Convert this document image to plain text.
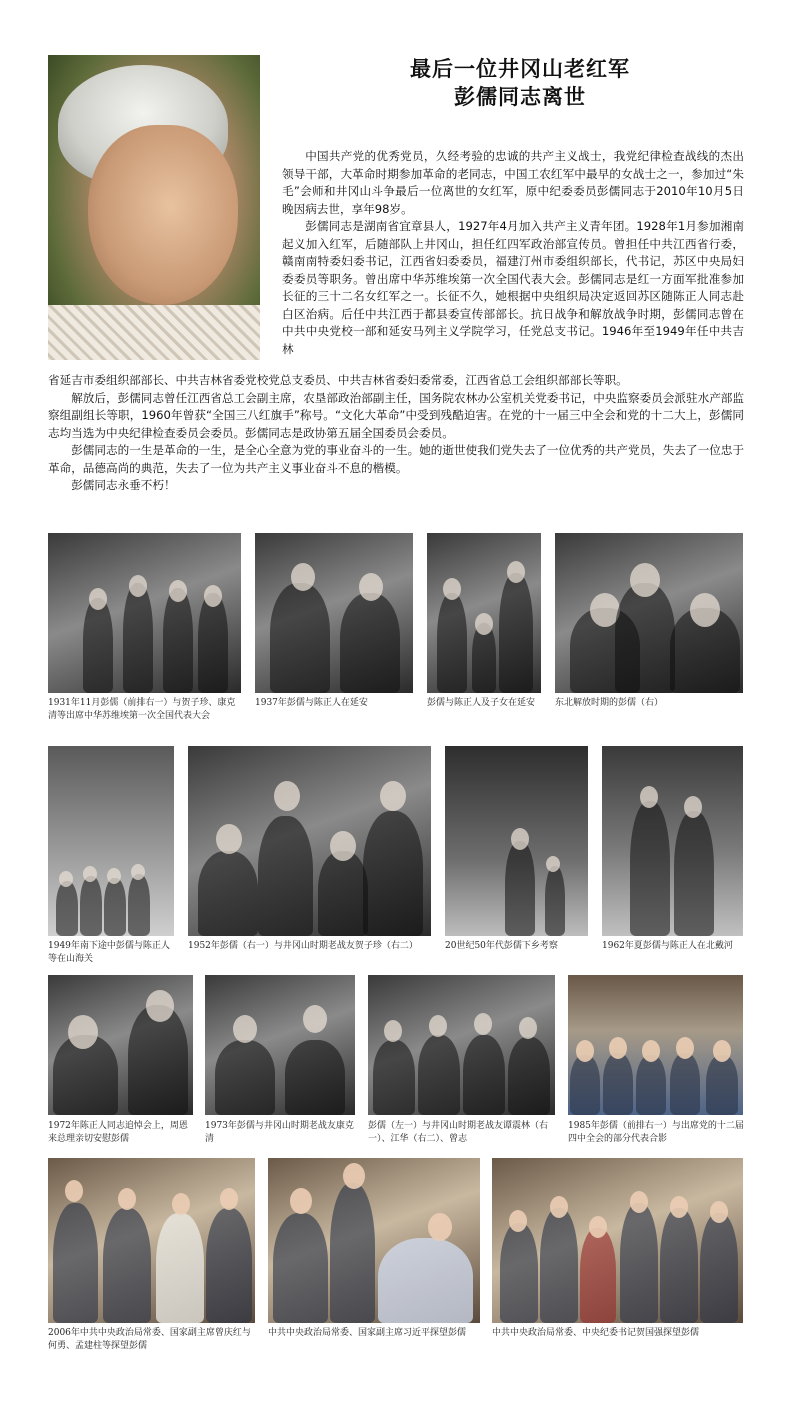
最后一位井冈山老红军
彭儒同志离世

中国共产党的优秀党员，久经考验的忠诚的共产主义战士，我党纪律检查战线的杰出领导干部，大革命时期参加革命的老同志，中国工农红军中最早的女战士之一，参加过“朱毛”会师和井冈山斗争最后一位离世的女红军，原中纪委委员彭儒同志于2010年10月5日晚因病去世，享年98岁。

彭儒同志是湖南省宜章县人，1927年4月加入共产主义青年团。1928年1月参加湘南起义加入红军，后随部队上井冈山，担任红四军政治部宣传员。曾担任中共江西省行委，赣南南特委妇委书记，江西省妇委委员，福建汀州市委组织部长，代书记，苏区中央局妇委委员等职务。曾出席中华苏维埃第一次全国代表大会。彭儒同志是红一方面军批准参加长征的三十二名女红军之一。长征不久，她根据中央组织局决定返回苏区随陈正人同志赴白区治病。后任中共江西于都县委宣传部部长。抗日战争和解放战争时期，彭儒同志曾在中共中央党校一部和延安马列主义学院学习，任党总支书记。1946年至1949年任中共吉林

省延吉市委组织部部长、中共吉林省委党校党总支委员、中共吉林省委妇委常委，江西省总工会组织部部长等职。

解放后，彭儒同志曾任江西省总工会副主席，农垦部政治部副主任，国务院农林办公室机关党委书记，中央监察委员会派驻水产部监察组副组长等职，1960年曾获“全国三八红旗手”称号。“文化大革命”中受到残酷迫害。在党的十一届三中全会和党的十二大上，彭儒同志均当选为中央纪律检查委员会委员。彭儒同志是政协第五届全国委员会委员。

彭儒同志的一生是革命的一生，是全心全意为党的事业奋斗的一生。她的逝世使我们党失去了一位优秀的共产党员，失去了一位忠于革命，品德高尚的典范，失去了一位为共产主义事业奋斗不息的楷模。

彭儒同志永垂不朽！

1931年11月彭儒（前排右一）与贺子珍、康克清等出席中华苏维埃第一次全国代表大会
1937年彭儒与陈正人在延安	彭儒与陈正人及子女在延安	东北解放时期的彭儒（右）
1949年南下途中彭儒与陈正人等在山海关
1952年彭儒（右一）与井冈山时期老战友贺子珍（右二）	20世纪50年代彭儒下乡考察	1962年夏彭儒与陈正人在北戴河
1972年陈正人同志追悼会上，周恩来总理亲切安慰彭儒
1973年彭儒与井冈山时期老战友康克清
彭儒（左一）与井冈山时期老战友谭震林（右一）、江华（右二）、曾志
1985年彭儒（前排右一）与出席党的十二届四中全会的部分代表合影
2006年中共中央政治局常委、国家副主席曾庆红与何勇、孟建柱等探望彭儒
中共中央政治局常委、国家副主席习近平探望彭儒	中共中央政治局常委、中央纪委书记贺国强探望彭儒
